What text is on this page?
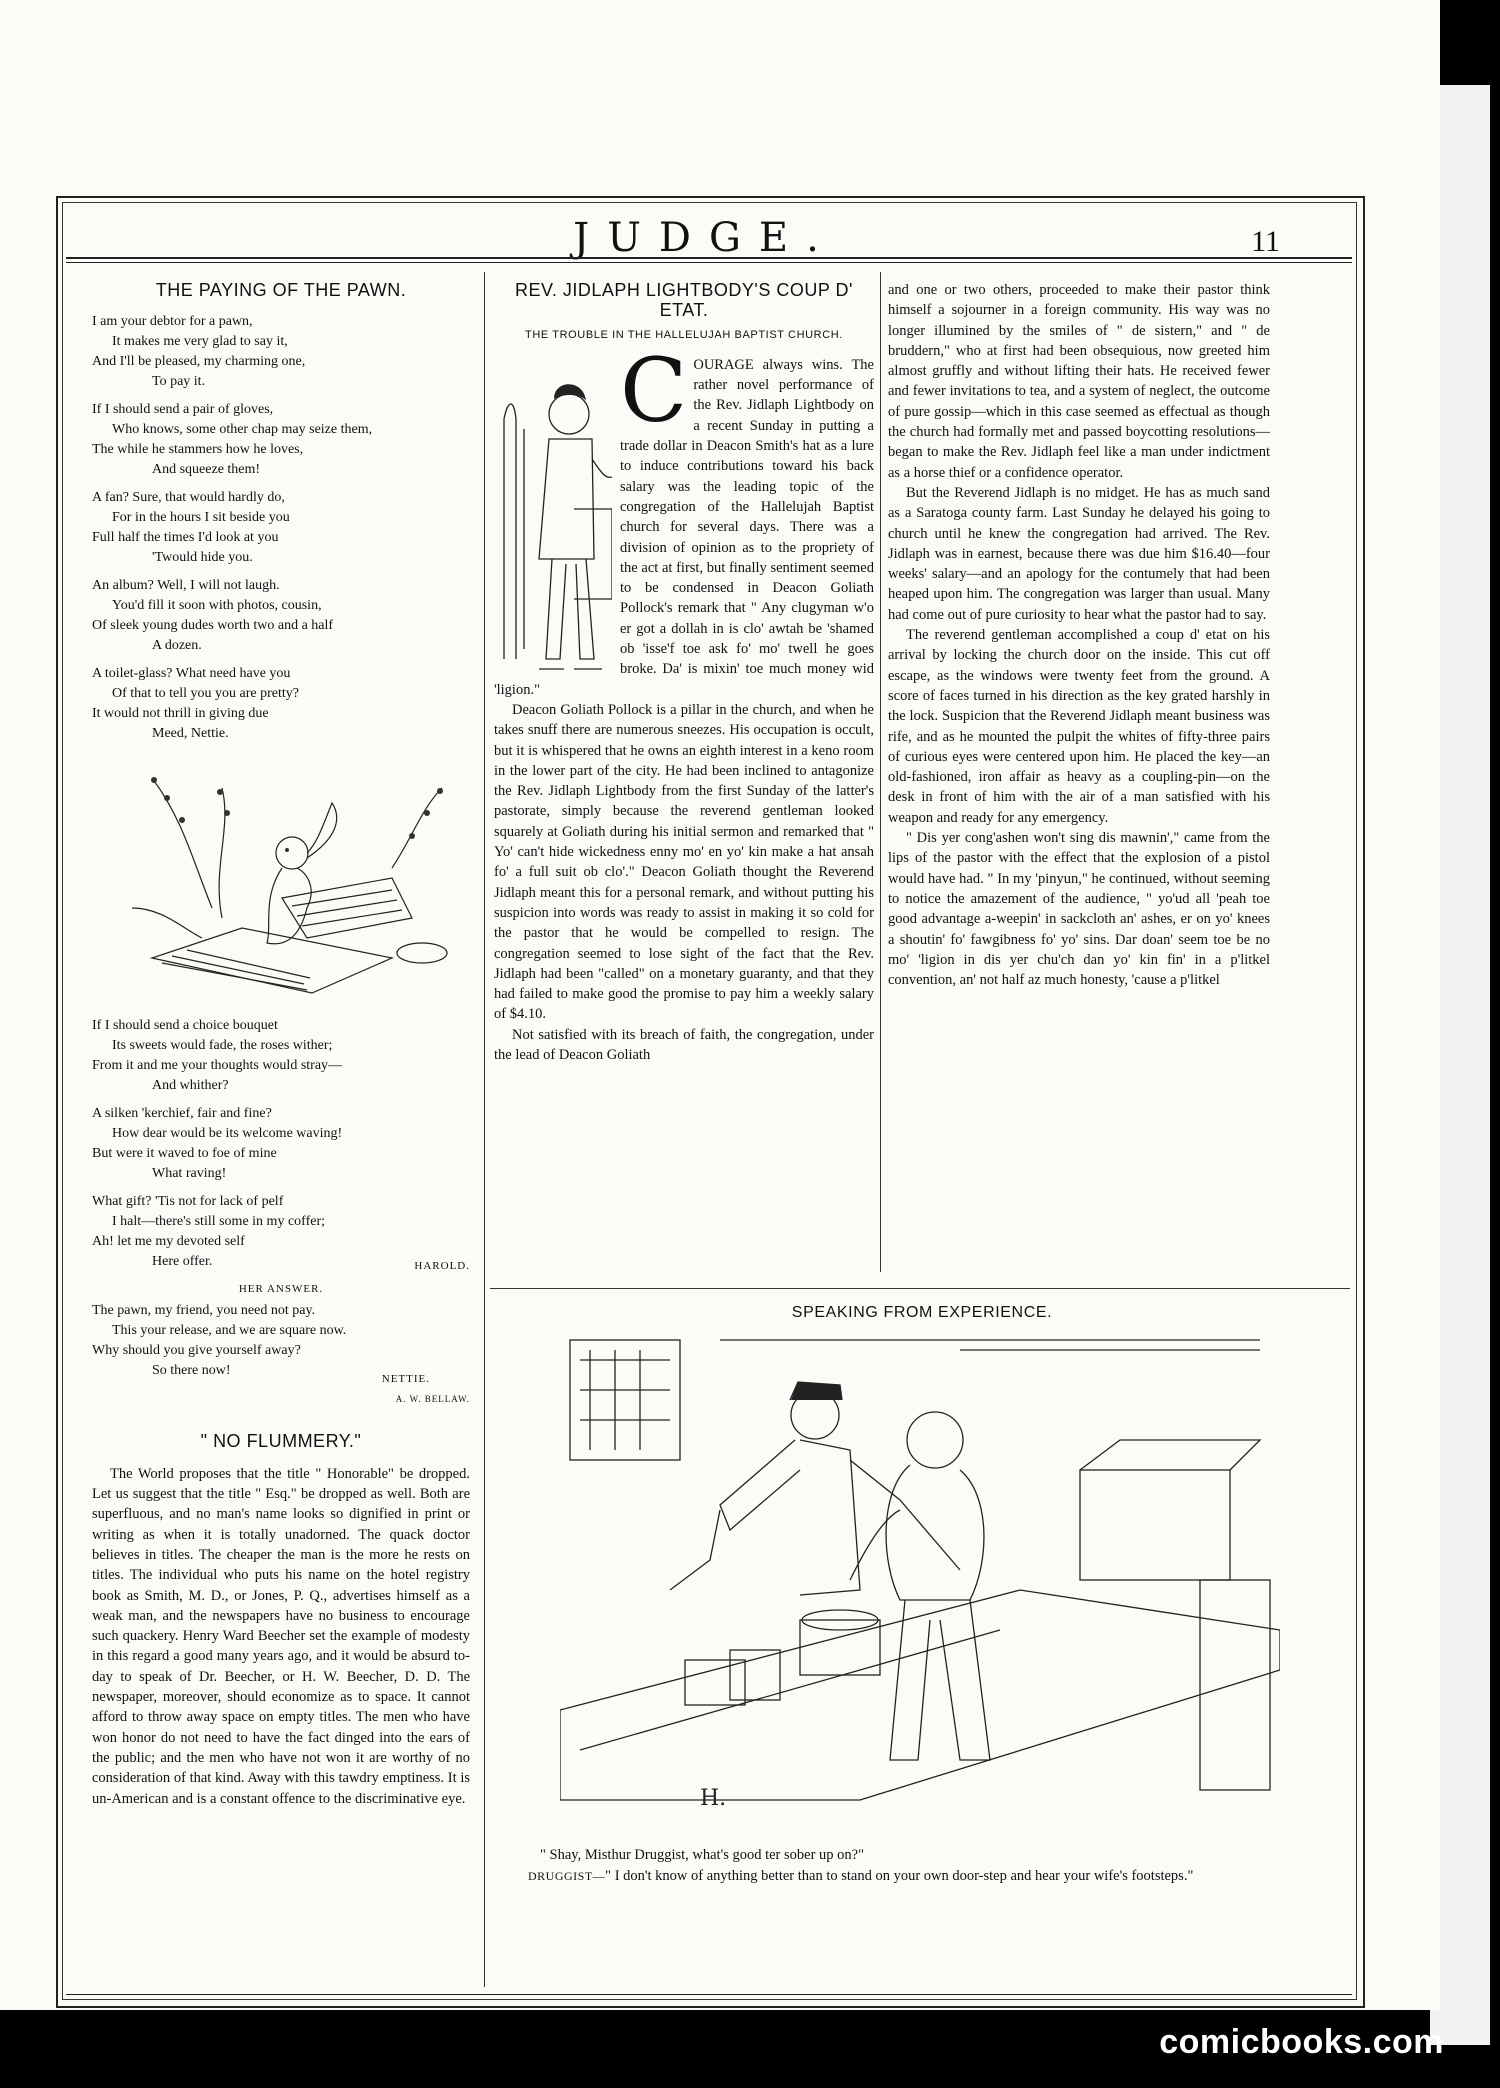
JUDGE.	11
THE PAYING OF THE PAWN.
I am your debtor for a pawn,
It makes me very glad to say it,
And I'll be pleased, my charming one,
To pay it.
If I should send a pair of gloves,
Who knows, some other chap may seize them,
The while he stammers how he loves,
And squeeze them!
A fan? Sure, that would hardly do,
For in the hours I sit beside you
Full half the times I'd look at you
'Twould hide you.
An album? Well, I will not laugh.
You'd fill it soon with photos, cousin,
Of sleek young dudes worth two and a half
A dozen.
A toilet-glass? What need have you
Of that to tell you you are pretty?
It would not thrill in giving due
Meed, Nettie.
If I should send a choice bouquet
Its sweets would fade, the roses wither;
From it and me your thoughts would stray—
And whither?
A silken 'kerchief, fair and fine?
How dear would be its welcome waving!
But were it waved to foe of mine
What raving!
What gift? 'Tis not for lack of pelf
I halt—there's still some in my coffer;
Ah! let me my devoted self
Here offer.	HAROLD.
HER ANSWER.
The pawn, my friend, you need not pay.
This your release, and we are square now.
Why should you give yourself away?
So there now!
NETTIE.
A. W. BELLAW.
" NO FLUMMERY."

The World proposes that the title " Honorable" be dropped. Let us suggest that the title " Esq." be dropped as well. Both are superfluous, and no man's name looks so dignified in print or writing as when it is totally unadorned. The quack doctor believes in titles. The cheaper the man is the more he rests on titles. The individual who puts his name on the hotel registry book as Smith, M. D., or Jones, P. Q., advertises himself as a weak man, and the newspapers have no business to encourage such quackery. Henry Ward Beecher set the example of modesty in this regard a good many years ago, and it would be absurd to-day to speak of Dr. Beecher, or H. W. Beecher, D. D. The newspaper, moreover, should economize as to space. It cannot afford to throw away space on empty titles. The men who have won honor do not need to have the fact dinged into the ears of the public; and the men who have not won it are worthy of no consideration of that kind. Away with this tawdry emptiness. It is un-American and is a constant offence to the discriminative eye.

REV. JIDLAPH LIGHTBODY'S COUP D' ETAT.
THE TROUBLE IN THE HALLELUJAH BAPTIST CHURCH.

COURAGE always wins. The rather novel performance of the Rev. Jidlaph Lightbody on a recent Sunday in putting a trade dollar in Deacon Smith's hat as a lure to induce contributions toward his back salary was the leading topic of the congregation of the Hallelujah Baptist church for several days. There was a division of opinion as to the propriety of the act at first, but finally sentiment seemed to be condensed in Deacon Goliath Pollock's remark that " Any clugyman w'o er got a dollah in is clo' awtah be 'shamed ob 'isse'f toe ask fo' mo' twell he goes broke. Da' is mixin' toe much money wid 'ligion."

Deacon Goliath Pollock is a pillar in the church, and when he takes snuff there are numerous sneezes. His occupation is occult, but it is whispered that he owns an eighth interest in a keno room in the lower part of the city. He had been inclined to antagonize the Rev. Jidlaph Lightbody from the first Sunday of the latter's pastorate, simply because the reverend gentleman looked squarely at Goliath during his initial sermon and remarked that " Yo' can't hide wickedness enny mo' en yo' kin make a hat ansah fo' a full suit ob clo'." Deacon Goliath thought the Reverend Jidlaph meant this for a personal remark, and without putting his suspicion into words was ready to assist in making it so cold for the pastor that he would be compelled to resign. The congregation seemed to lose sight of the fact that the Rev. Jidlaph had been "called" on a monetary guaranty, and that they had failed to make good the promise to pay him a weekly salary of $4.10.

Not satisfied with its breach of faith, the congregation, under the lead of Deacon Goliath

and one or two others, proceeded to make their pastor think himself a sojourner in a foreign community. His way was no longer illumined by the smiles of " de sistern," and " de bruddern," who at first had been obsequious, now greeted him almost gruffly and without lifting their hats. He received fewer and fewer invitations to tea, and a system of neglect, the outcome of pure gossip—which in this case seemed as effectual as though the church had formally met and passed boycotting resolutions—began to make the Rev. Jidlaph feel like a man under indictment as a horse thief or a confidence operator.

But the Reverend Jidlaph is no midget. He has as much sand as a Saratoga county farm. Last Sunday he delayed his going to church until he knew the congregation had arrived. The Rev. Jidlaph was in earnest, because there was due him $16.40—four weeks' salary—and an apology for the contumely that had been heaped upon him. The congregation was larger than usual. Many had come out of pure curiosity to hear what the pastor had to say.

The reverend gentleman accomplished a coup d' etat on his arrival by locking the church door on the inside. This cut off escape, as the windows were twenty feet from the ground. A score of faces turned in his direction as the key grated harshly in the lock. Suspicion that the Reverend Jidlaph meant business was rife, and as he mounted the pulpit the whites of fifty-three pairs of curious eyes were centered upon him. He placed the key—an old-fashioned, iron affair as heavy as a coupling-pin—on the desk in front of him with the air of a man satisfied with his weapon and ready for any emergency.

" Dis yer cong'ashen won't sing dis mawnin'," came from the lips of the pastor with the effect that the explosion of a pistol would have had. " In my 'pinyun," he continued, without seeming to notice the amazement of the audience, " yo'ud all 'peah toe good advantage a-weepin' in sackcloth an' ashes, er on yo' knees a shoutin' fo' fawgibness fo' yo' sins. Dar doan' seem toe be no mo' 'ligion in dis yer chu'ch dan yo' kin fin' in a p'litkel convention, an' not half az much honesty, 'cause a p'litkel

SPEAKING FROM EXPERIENCE.
H.
" Shay, Misthur Druggist, what's good ter sober up on?"
DRUGGIST—" I don't know of anything better than to stand on your own door-step and hear your wife's footsteps."
comicbooks.com
